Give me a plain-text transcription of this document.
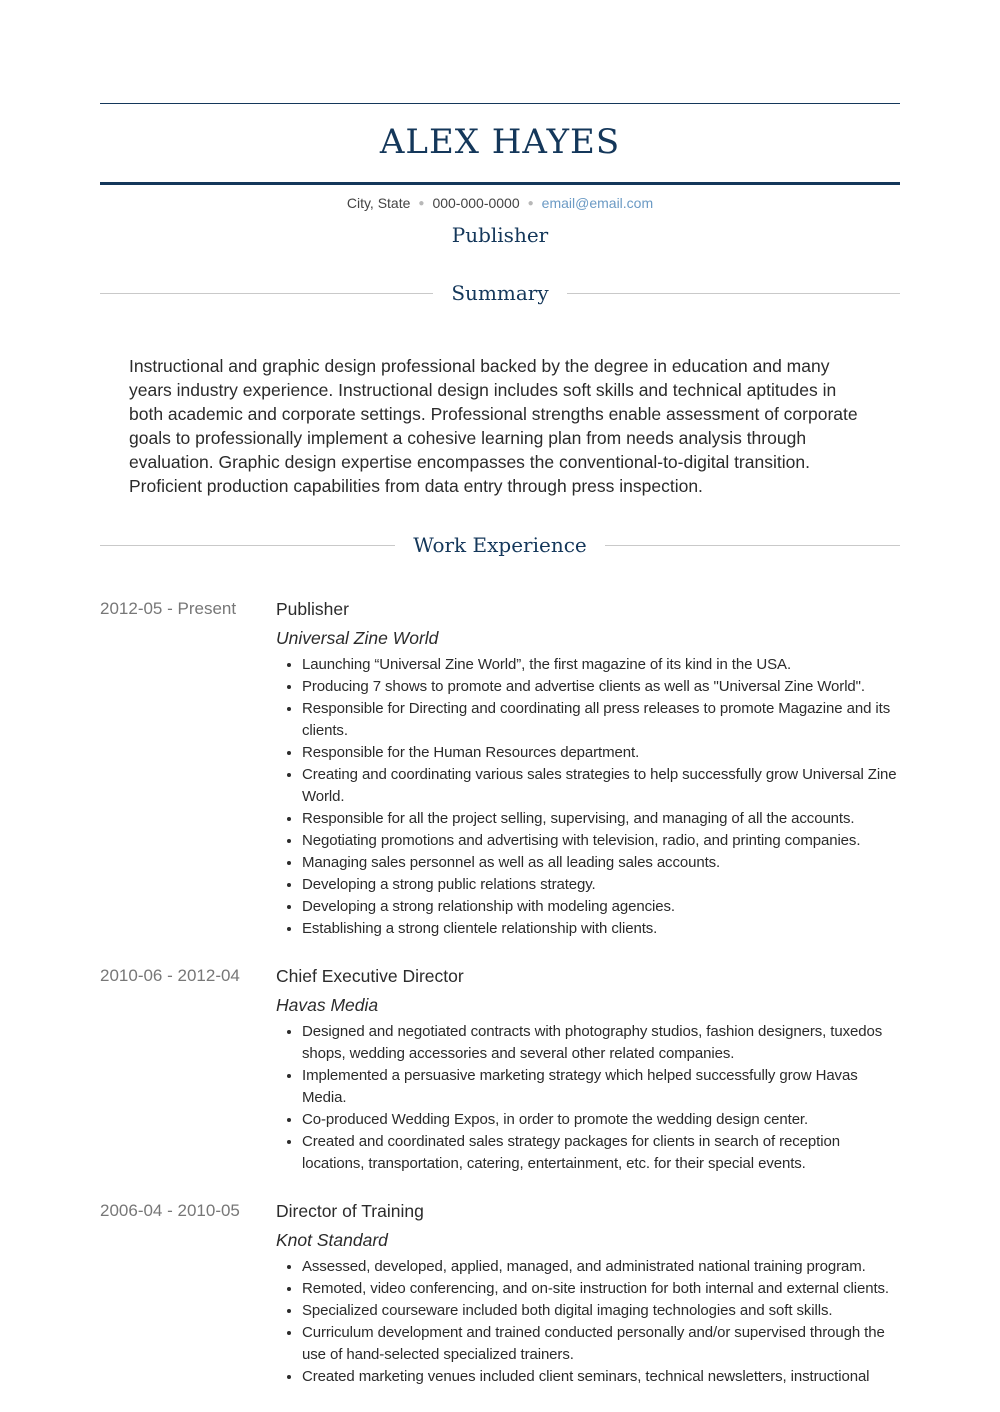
ALEX HAYES
City, State ● 000-000-0000 ● email@email.com
Publisher
Summary
Instructional and graphic design professional backed by the degree in education and many years industry experience. Instructional design includes soft skills and technical aptitudes in both academic and corporate settings. Professional strengths enable assessment of corporate goals to professionally implement a cohesive learning plan from needs analysis through evaluation. Graphic design expertise encompasses the conventional-to-digital transition. Proficient production capabilities from data entry through press inspection.
Work Experience
2012-05 - Present	Publisher
Universal Zine World
• Launching “Universal Zine World”, the first magazine of its kind in the USA.
• Producing 7 shows to promote and advertise clients as well as "Universal Zine World".
• Responsible for Directing and coordinating all press releases to promote Magazine and its clients.
• Responsible for the Human Resources department.
• Creating and coordinating various sales strategies to help successfully grow Universal Zine World.
• Responsible for all the project selling, supervising, and managing of all the accounts.
• Negotiating promotions and advertising with television, radio, and printing companies.
• Managing sales personnel as well as all leading sales accounts.
• Developing a strong public relations strategy.
• Developing a strong relationship with modeling agencies.
• Establishing a strong clientele relationship with clients.
2010-06 - 2012-04	Chief Executive Director
Havas Media
• Designed and negotiated contracts with photography studios, fashion designers, tuxedos shops, wedding accessories and several other related companies.
• Implemented a persuasive marketing strategy which helped successfully grow Havas Media.
• Co-produced Wedding Expos, in order to promote the wedding design center.
• Created and coordinated sales strategy packages for clients in search of reception locations, transportation, catering, entertainment, etc. for their special events.
2006-04 - 2010-05	Director of Training
Knot Standard
• Assessed, developed, applied, managed, and administrated national training program.
• Remoted, video conferencing, and on-site instruction for both internal and external clients.
• Specialized courseware included both digital imaging technologies and soft skills.
• Curriculum development and trained conducted personally and/or supervised through the use of hand-selected specialized trainers.
• Created marketing venues included client seminars, technical newsletters, instructional
